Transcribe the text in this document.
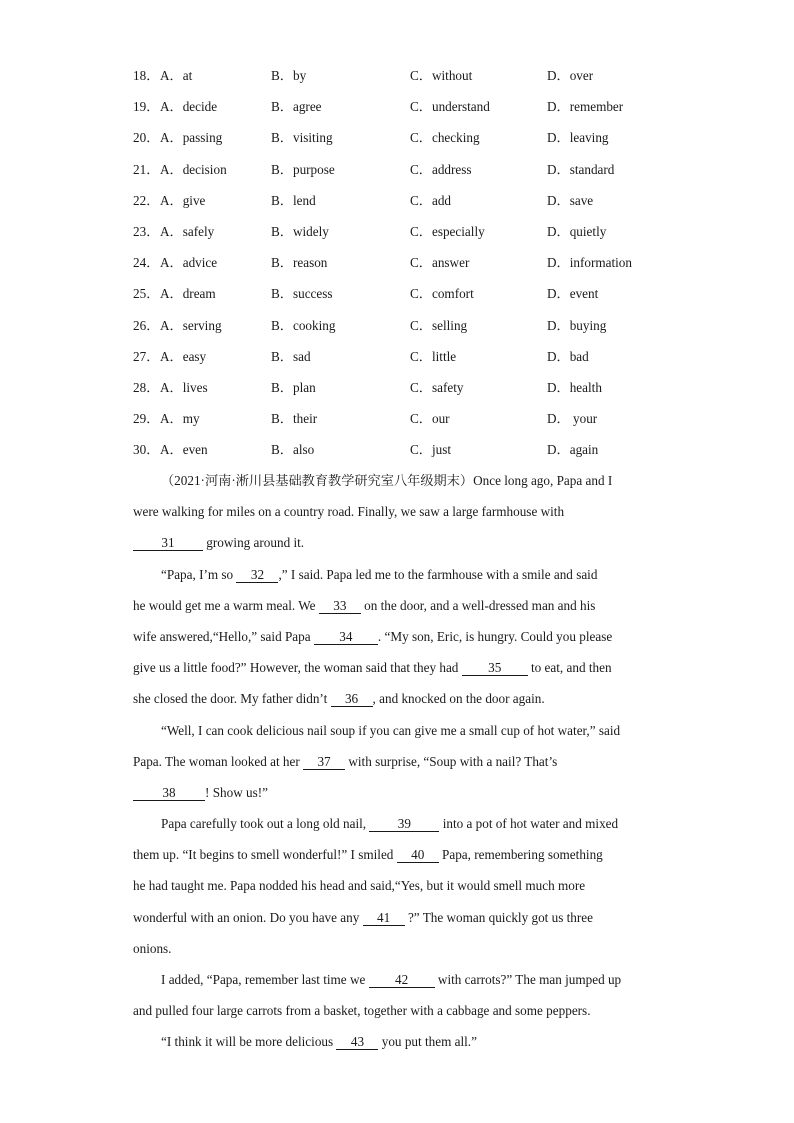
18． A．at	B．by	C．without	D．over
19． A．decide	B．agree	C．understand	D．remember
20． A．passing	B．visiting	C．checking	D．leaving
21． A．decision	B．purpose	C．address	D．standard
22． A．give	B．lend	C．add	D．save
23． A．safely	B．widely	C．especially	D．quietly
24． A．advice	B．reason	C．answer	D．information
25． A．dream	B．success	C．comfort	D．event
26． A．serving	B．cooking	C．selling	D．buying
27． A．easy	B．sad	C．little	D．bad
28． A．lives	B．plan	C．safety	D．health
29． A．my	B．their	C．our	D． your
30． A．even	B．also	C．just	D．again
（2021·河南·淅川县基础教育教学研究室八年级期末）Once long ago, Papa and I
were walking for miles on a country road. Finally, we saw a large farmhouse with
31 growing around it.
“Papa, I’m so 32 ,” I said. Papa led me to the farmhouse with a smile and said
he would get me a warm meal. We 33 on the door, and a well-dressed man and his
wife answered,“Hello,” said Papa 34 . “My son, Eric, is hungry. Could you please
give us a little food?” However, the woman said that they had 35 to eat, and then
she closed the door. My father didn’t 36 , and knocked on the door again.
“Well, I can cook delicious nail soup if you can give me a small cup of hot water,” said
Papa. The woman looked at her 37 with surprise, “Soup with a nail? That’s
38 ! Show us!”
Papa carefully took out a long old nail, 39 into a pot of hot water and mixed
them up. “It begins to smell wonderful!” I smiled 40 Papa, remembering something
he had taught me. Papa nodded his head and said,“Yes, but it would smell much more
wonderful with an onion. Do you have any 41 ?” The woman quickly got us three
onions.
I added, “Papa, remember last time we 42 with carrots?” The man jumped up
and pulled four large carrots from a basket, together with a cabbage and some peppers.
“I think it will be more delicious 43 you put them all.”
